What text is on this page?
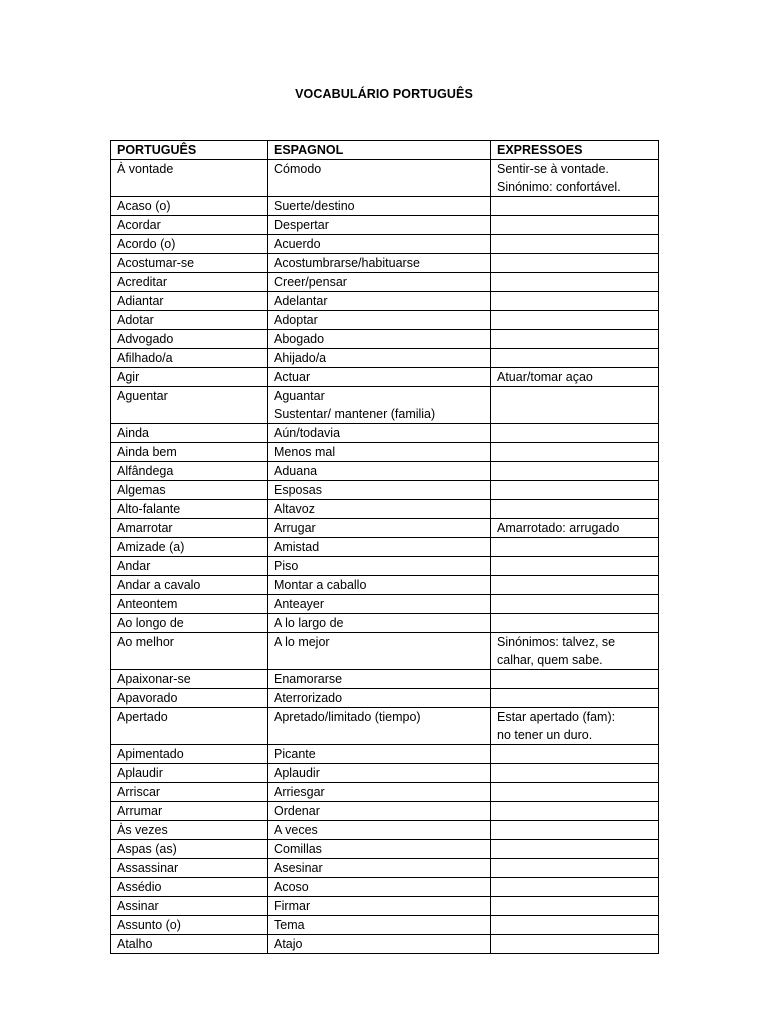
VOCABULÁRIO PORTUGUÊS
PORTUGUÊS	ESPAGNOL	EXPRESSOES

À vontade	Cómodo	Sentir-se à vontade.
Sinónimo: confortável.

Acaso (o)	Suerte/destino	

Acordar	Despertar	

Acordo (o)	Acuerdo	

Acostumar-se	Acostumbrarse/habituarse	

Acreditar	Creer/pensar	

Adiantar	Adelantar	

Adotar	Adoptar	

Advogado	Abogado	

Afilhado/a	Ahijado/a	

Agir	Actuar	Atuar/tomar açao

Aguentar	Aguantar
Sustentar/ mantener (familia)	

Ainda	Aún/todavia	

Ainda bem	Menos mal	

Alfândega	Aduana	

Algemas	Esposas	

Alto-falante	Altavoz	

Amarrotar	Arrugar	Amarrotado: arrugado

Amizade (a)	Amistad	

Andar	Piso	

Andar a cavalo	Montar a caballo	

Anteontem	Anteayer	

Ao longo de	A lo largo de	

Ao melhor	A lo mejor	Sinónimos: talvez, se
calhar, quem sabe.

Apaixonar-se	Enamorarse	

Apavorado	Aterrorizado	

Apertado	Apretado/limitado (tiempo)	Estar apertado (fam):
no tener un duro.

Apimentado	Picante	

Aplaudir	Aplaudir	

Arriscar	Arriesgar	

Arrumar	Ordenar	

Às vezes	A veces	

Aspas (as)	Comillas	

Assassinar	Asesinar	

Assédio	Acoso	

Assinar	Firmar	

Assunto (o)	Tema	

Atalho	Atajo	
